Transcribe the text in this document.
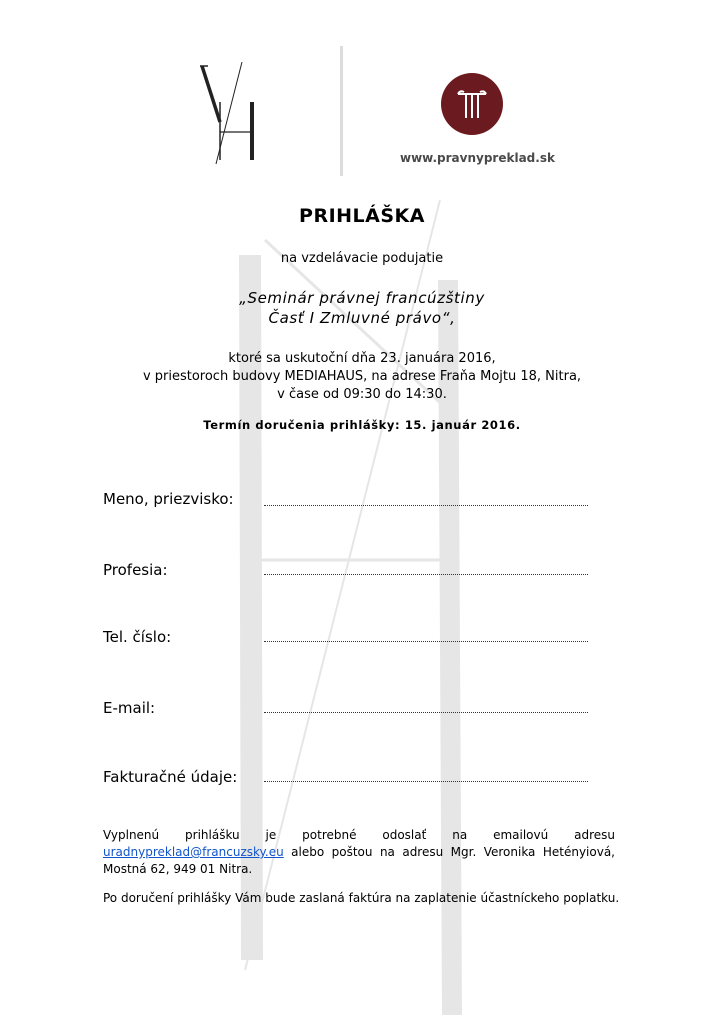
www.pravnypreklad.sk
PRIHLÁŠKA
na vzdelávacie podujatie
„Seminár právnej francúzštiny
Časť I Zmluvné právo“,
ktoré sa uskutoční dňa 23. januára 2016,
v priestoroch budovy MEDIAHAUS, na adrese Fraňa Mojtu 18, Nitra,
v čase od 09:30 do 14:30.
Termín doručenia prihlášky: 15. január 2016.
Meno, priezvisko:
Profesia:
Tel. číslo:
E-mail:
Fakturačné údaje:
Vyplnenú prihlášku je potrebné odoslať na emailovú adresu uradnypreklad@francuzsky.eu alebo poštou na adresu Mgr. Veronika Hetényiová, Mostná 62, 949 01 Nitra.
Po doručení prihlášky Vám bude zaslaná faktúra na zaplatenie účastníckeho poplatku.
